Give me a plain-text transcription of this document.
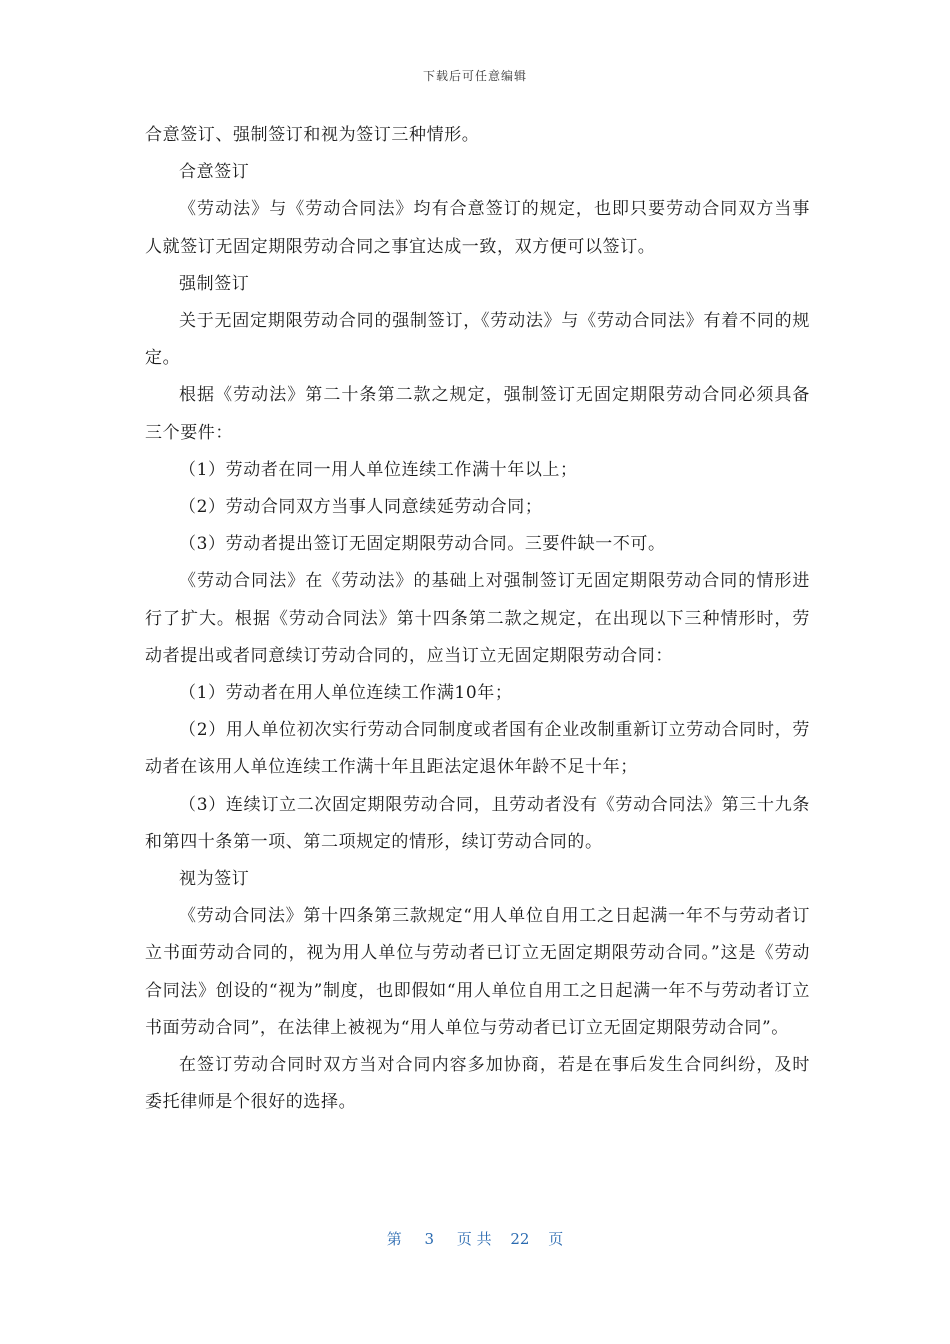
下载后可任意编辑

合意签订、强制签订和视为签订三种情形。

合意签订

《劳动法》与《劳动合同法》均有合意签订的规定，也即只要劳动合同双方当事人就签订无固定期限劳动合同之事宜达成一致，双方便可以签订。

强制签订

关于无固定期限劳动合同的强制签订，《劳动法》与《劳动合同法》有着不同的规定。

根据《劳动法》第二十条第二款之规定，强制签订无固定期限劳动合同必须具备三个要件：

（1）劳动者在同一用人单位连续工作满十年以上；

（2）劳动合同双方当事人同意续延劳动合同；

（3）劳动者提出签订无固定期限劳动合同。三要件缺一不可。

《劳动合同法》在《劳动法》的基础上对强制签订无固定期限劳动合同的情形进行了扩大。根据《劳动合同法》第十四条第二款之规定，在出现以下三种情形时，劳动者提出或者同意续订劳动合同的，应当订立无固定期限劳动合同：

（1）劳动者在用人单位连续工作满10年；

（2）用人单位初次实行劳动合同制度或者国有企业改制重新订立劳动合同时，劳动者在该用人单位连续工作满十年且距法定退休年龄不足十年；

（3）连续订立二次固定期限劳动合同，且劳动者没有《劳动合同法》第三十九条和第四十条第一项、第二项规定的情形，续订劳动合同的。

视为签订

《劳动合同法》第十四条第三款规定“用人单位自用工之日起满一年不与劳动者订立书面劳动合同的，视为用人单位与劳动者已订立无固定期限劳动合同。”这是《劳动合同法》创设的“视为”制度，也即假如“用人单位自用工之日起满一年不与劳动者订立书面劳动合同”，在法律上被视为“用人单位与劳动者已订立无固定期限劳动合同”。

在签订劳动合同时双方当对合同内容多加协商，若是在事后发生合同纠纷，及时委托律师是个很好的选择。

第 3 页 共 22 页
